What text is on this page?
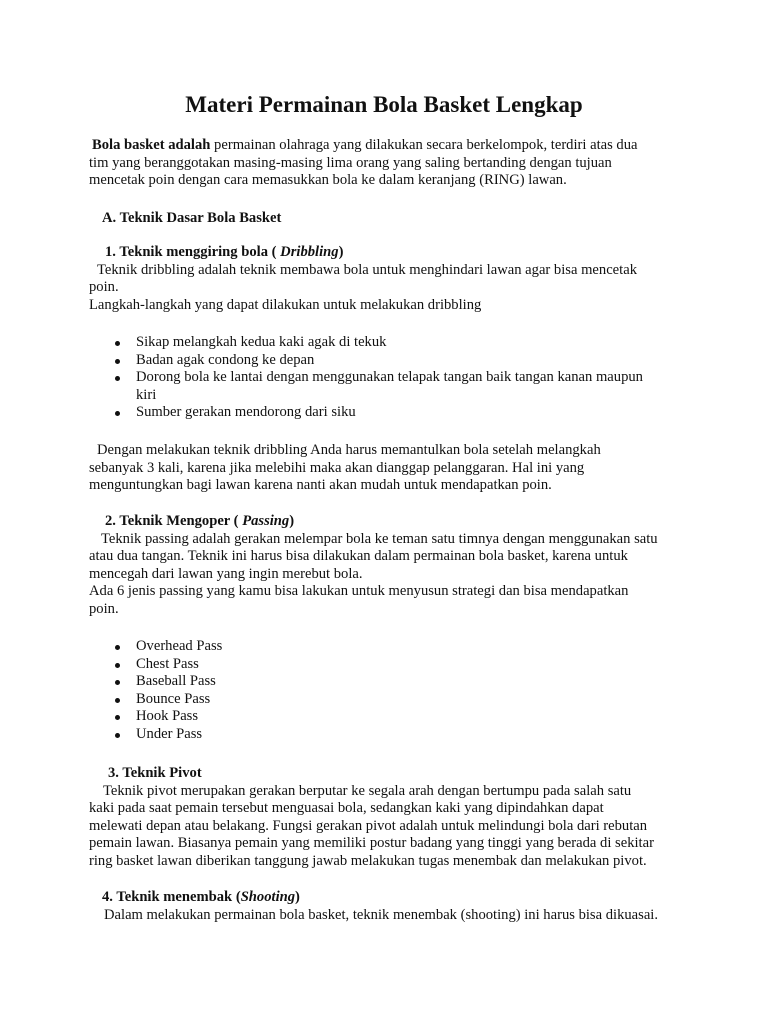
Materi Permainan Bola Basket Lengkap
Bola basket adalah permainan olahraga yang dilakukan secara berkelompok, terdiri atas dua
tim yang beranggotakan masing-masing lima orang yang saling bertanding dengan tujuan
mencetak poin dengan cara memasukkan bola ke dalam keranjang (RING) lawan.
A. Teknik Dasar Bola Basket
1. Teknik menggiring bola ( Dribbling)
Teknik dribbling adalah teknik membawa bola untuk menghindari lawan agar bisa mencetak
poin.
Langkah-langkah yang dapat dilakukan untuk melakukan dribbling
Sikap melangkah kedua kaki agak di tekuk
Badan agak condong ke depan
Dorong bola ke lantai dengan menggunakan telapak tangan baik tangan kanan maupun
kiri
Sumber gerakan mendorong dari siku
Dengan melakukan teknik dribbling Anda harus memantulkan bola setelah melangkah
sebanyak 3 kali, karena jika melebihi maka akan dianggap pelanggaran. Hal ini yang
menguntungkan bagi lawan karena nanti akan mudah untuk mendapatkan poin.
2. Teknik Mengoper ( Passing)
Teknik passing adalah gerakan melempar bola ke teman satu timnya dengan menggunakan satu
atau dua tangan. Teknik ini harus bisa dilakukan dalam permainan bola basket, karena untuk
mencegah dari lawan yang ingin merebut bola.
Ada 6 jenis passing yang kamu bisa lakukan untuk menyusun strategi dan bisa mendapatkan
poin.
Overhead Pass
Chest Pass
Baseball Pass
Bounce Pass
Hook Pass
Under Pass
3. Teknik Pivot
Teknik pivot merupakan gerakan berputar ke segala arah dengan bertumpu pada salah satu
kaki pada saat pemain tersebut menguasai bola, sedangkan kaki yang dipindahkan dapat
melewati depan atau belakang. Fungsi gerakan pivot adalah untuk melindungi bola dari rebutan
pemain lawan. Biasanya pemain yang memiliki postur badang yang tinggi yang berada di sekitar
ring basket lawan diberikan tanggung jawab melakukan tugas menembak dan melakukan pivot.
4. Teknik menembak (Shooting)
Dalam melakukan permainan bola basket, teknik menembak (shooting) ini harus bisa dikuasai.
